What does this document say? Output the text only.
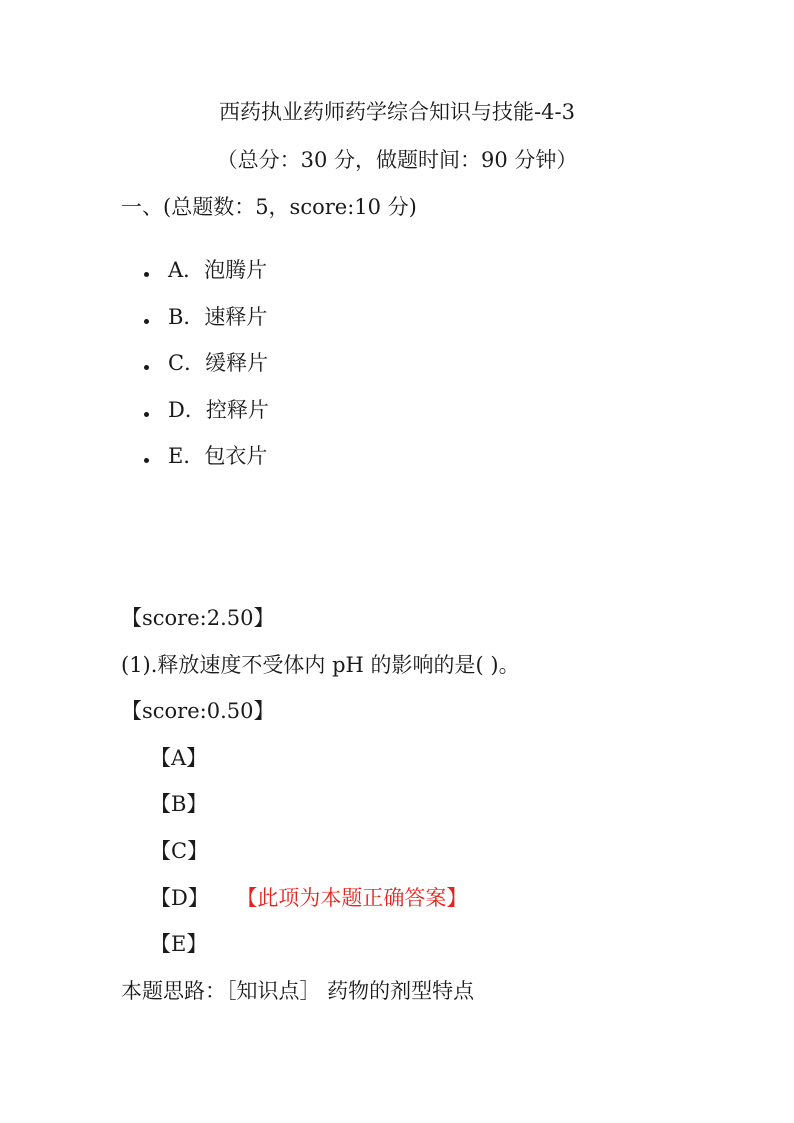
西药执业药师药学综合知识与技能-4-3
（总分：30 分，做题时间：90 分钟）
一、(总题数：5，score:10 分)
A．泡腾片
B．速释片
C．缓释片
D．控释片
E．包衣片
【score:2.50】
(1).释放速度不受体内 pH 的影响的是( )。
【score:0.50】
【A】
【B】
【C】
【D】 【此项为本题正确答案】
【E】
本题思路：［知识点］ 药物的剂型特点
